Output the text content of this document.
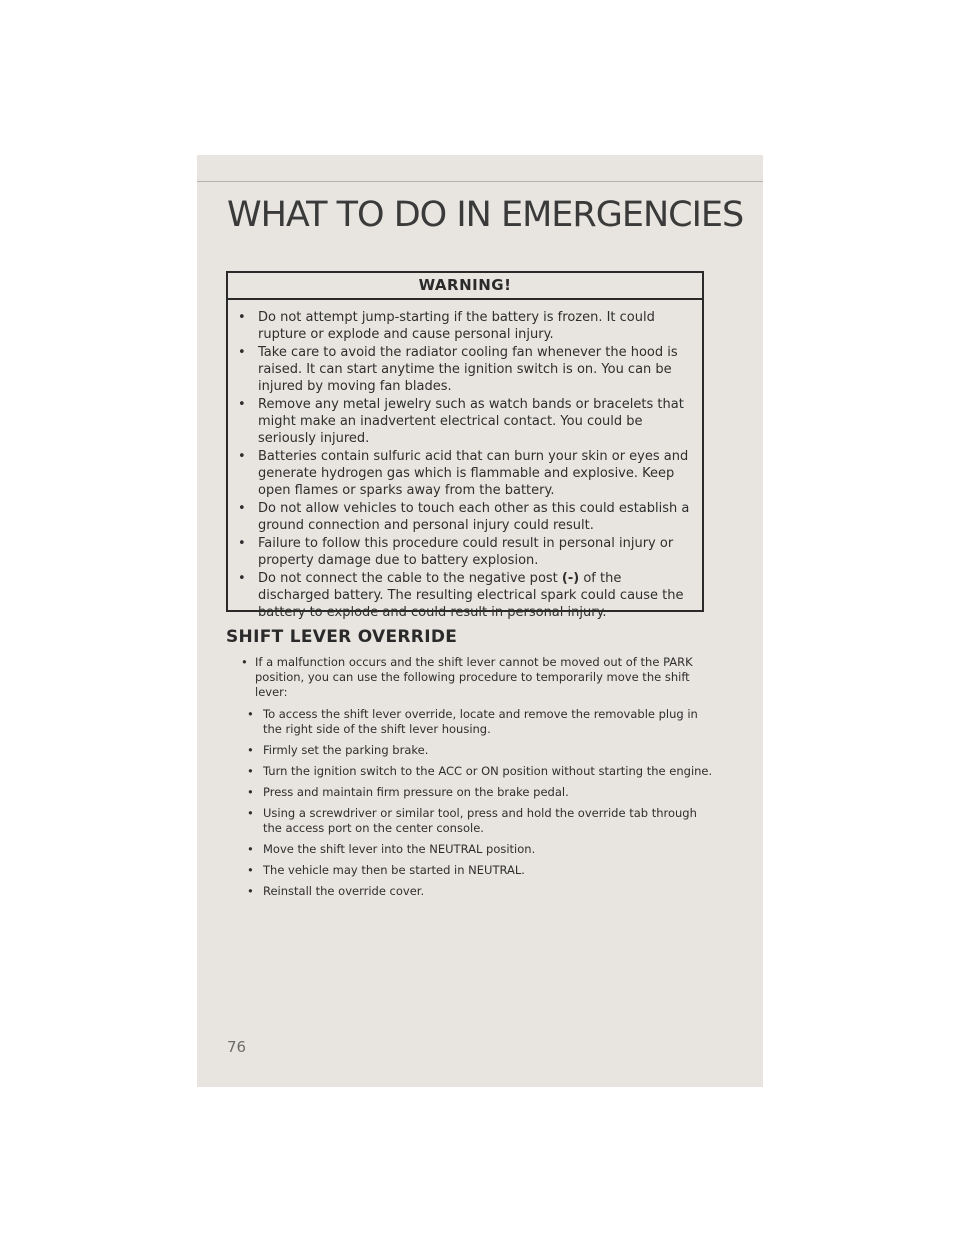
WHAT TO DO IN EMERGENCIES
WARNING!
• Do not attempt jump-starting if the battery is frozen. It could rupture or explode and cause personal injury.
• Take care to avoid the radiator cooling fan whenever the hood is raised. It can start anytime the ignition switch is on. You can be injured by moving fan blades.
• Remove any metal jewelry such as watch bands or bracelets that might make an inadvertent electrical contact. You could be seriously injured.
• Batteries contain sulfuric acid that can burn your skin or eyes and generate hydrogen gas which is flammable and explosive. Keep open flames or sparks away from the battery.
• Do not allow vehicles to touch each other as this could establish a ground connection and personal injury could result.
• Failure to follow this procedure could result in personal injury or property damage due to battery explosion.
• Do not connect the cable to the negative post (-) of the discharged battery. The resulting electrical spark could cause the battery to explode and could result in personal injury.
SHIFT LEVER OVERRIDE
• If a malfunction occurs and the shift lever cannot be moved out of the PARK position, you can use the following procedure to temporarily move the shift lever:
• To access the shift lever override, locate and remove the removable plug in the right side of the shift lever housing.
• Firmly set the parking brake.
• Turn the ignition switch to the ACC or ON position without starting the engine.
• Press and maintain firm pressure on the brake pedal.
• Using a screwdriver or similar tool, press and hold the override tab through the access port on the center console.
• Move the shift lever into the NEUTRAL position.
• The vehicle may then be started in NEUTRAL.
• Reinstall the override cover.
76
